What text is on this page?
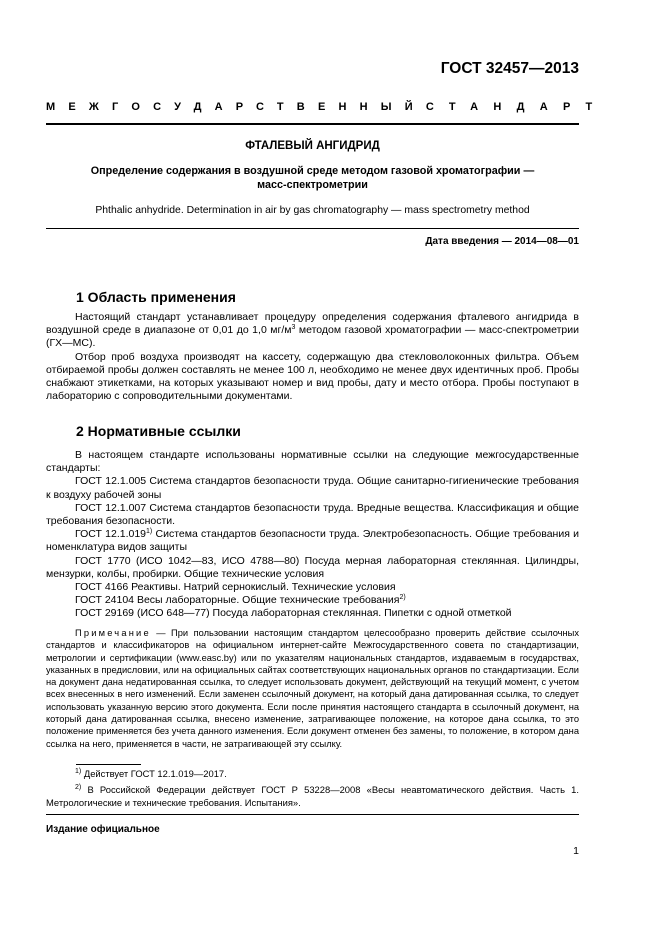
ГОСТ 32457—2013
МЕЖГОСУДАРСТВЕННЫЙ СТАНДАРТ
ФТАЛЕВЫЙ АНГИДРИД
Определение содержания в воздушной среде методом газовой хроматографии —
масс-спектрометрии
Phthalic anhydride. Determination in air by gas chromatography — mass spectrometry method
Дата введения — 2014—08—01
1 Область применения

Настоящий стандарт устанавливает процедуру определения содержания фталевого ангидрида в воздушной среде в диапазоне от 0,01 до 1,0 $мг/м^3$ методом газовой хроматографии — масс-спектрометрии (ГХ—МС).

Отбор проб воздуха производят на кассету, содержащую два стекловолоконных фильтра. Объем отбираемой пробы должен составлять не менее 100 л, необходимо не менее двух идентичных проб. Пробы снабжают этикетками, на которых указывают номер и вид пробы, дату и место отбора. Пробы поступают в лабораторию с сопроводительными документами.

2 Нормативные ссылки

В настоящем стандарте использованы нормативные ссылки на следующие межгосударственные стандарты:

ГОСТ 12.1.005 Система стандартов безопасности труда. Общие санитарно-гигиенические требования к воздуху рабочей зоны

ГОСТ 12.1.007 Система стандартов безопасности труда. Вредные вещества. Классификация и общие требования безопасности.

ГОСТ 12.1.019$^{1)}$ Система стандартов безопасности труда. Электробезопасность. Общие требования и номенклатура видов защиты

ГОСТ 1770 (ИСО 1042—83, ИСО 4788—80) Посуда мерная лабораторная стеклянная. Цилиндры, мензурки, колбы, пробирки. Общие технические условия

ГОСТ 4166 Реактивы. Натрий сернокислый. Технические условия

ГОСТ 24104 Весы лабораторные. Общие технические требования$^{2)}$

ГОСТ 29169 (ИСО 648—77) Посуда лабораторная стеклянная. Пипетки с одной отметкой

Примечание — При пользовании настоящим стандартом целесообразно проверить действие ссылочных стандартов и классификаторов на официальном интернет-сайте Межгосударственного совета по стандартизации, метрологии и сертификации (www.easc.by) или по указателям национальных стандартов, издаваемым в государствах, указанных в предисловии, или на официальных сайтах соответствующих национальных органов по стандартизации. Если на документ дана недатированная ссылка, то следует использовать документ, действующий на текущий момент, с учетом всех внесенных в него изменений. Если заменен ссылочный документ, на который дана датированная ссылка, то следует использовать указанную версию этого документа. Если после принятия настоящего стандарта в ссылочный документ, на который дана датированная ссылка, внесено изменение, затрагивающее положение, на которое дана ссылка, то это положение применяется без учета данного изменения. Если документ отменен без замены, то положение, в котором дана ссылка на него, применяется в части, не затрагивающей эту ссылку.

$^{1)}$ Действует ГОСТ 12.1.019—2017.

$^{2)}$ В Российской Федерации действует ГОСТ Р 53228—2008 «Весы неавтоматического действия. Часть 1. Метрологические и технические требования. Испытания».

Издание официальное
1
